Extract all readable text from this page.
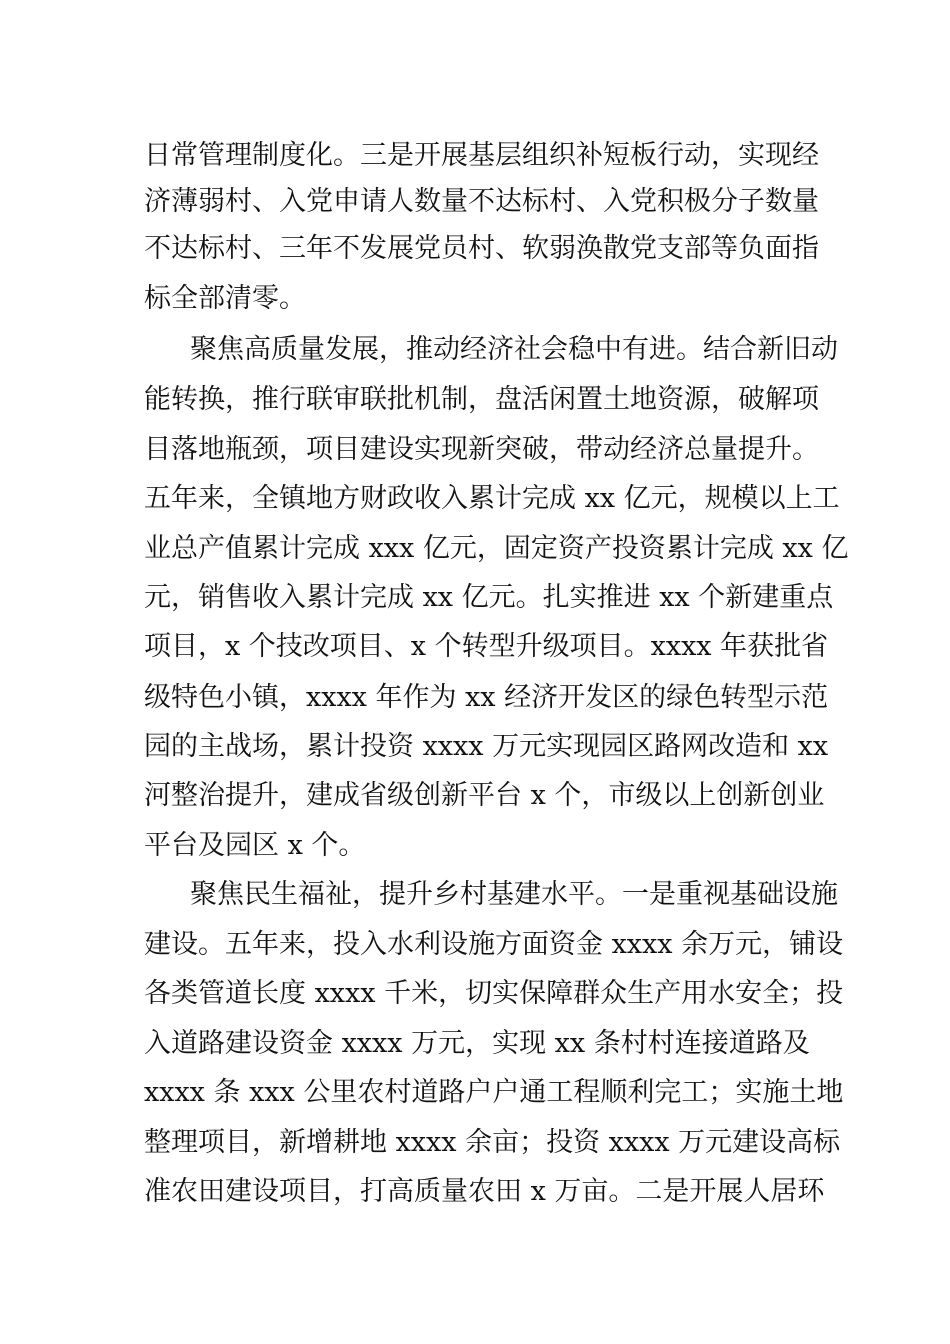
日常管理制度化。三是开展基层组织补短板行动，实现经
济薄弱村、入党申请人数量不达标村、入党积极分子数量
不达标村、三年不发展党员村、软弱涣散党支部等负面指
标全部清零。
聚焦高质量发展，推动经济社会稳中有进。结合新旧动
能转换，推行联审联批机制，盘活闲置土地资源，破解项
目落地瓶颈，项目建设实现新突破，带动经济总量提升。
五年来，全镇地方财政收入累计完成 xx 亿元，规模以上工
业总产值累计完成 xxx 亿元，固定资产投资累计完成 xx 亿
元，销售收入累计完成 xx 亿元。扎实推进 xx 个新建重点
项目，x 个技改项目、x 个转型升级项目。xxxx 年获批省
级特色小镇，xxxx 年作为 xx 经济开发区的绿色转型示范
园的主战场，累计投资 xxxx 万元实现园区路网改造和 xx
河整治提升，建成省级创新平台 x 个，市级以上创新创业
平台及园区 x 个。
聚焦民生福祉，提升乡村基建水平。一是重视基础设施
建设。五年来，投入水利设施方面资金 xxxx 余万元，铺设
各类管道长度 xxxx 千米，切实保障群众生产用水安全；投
入道路建设资金 xxxx 万元，实现 xx 条村村连接道路及
xxxx 条 xxx 公里农村道路户户通工程顺利完工；实施土地
整理项目，新增耕地 xxxx 余亩；投资 xxxx 万元建设高标
准农田建设项目，打高质量农田 x 万亩。二是开展人居环
